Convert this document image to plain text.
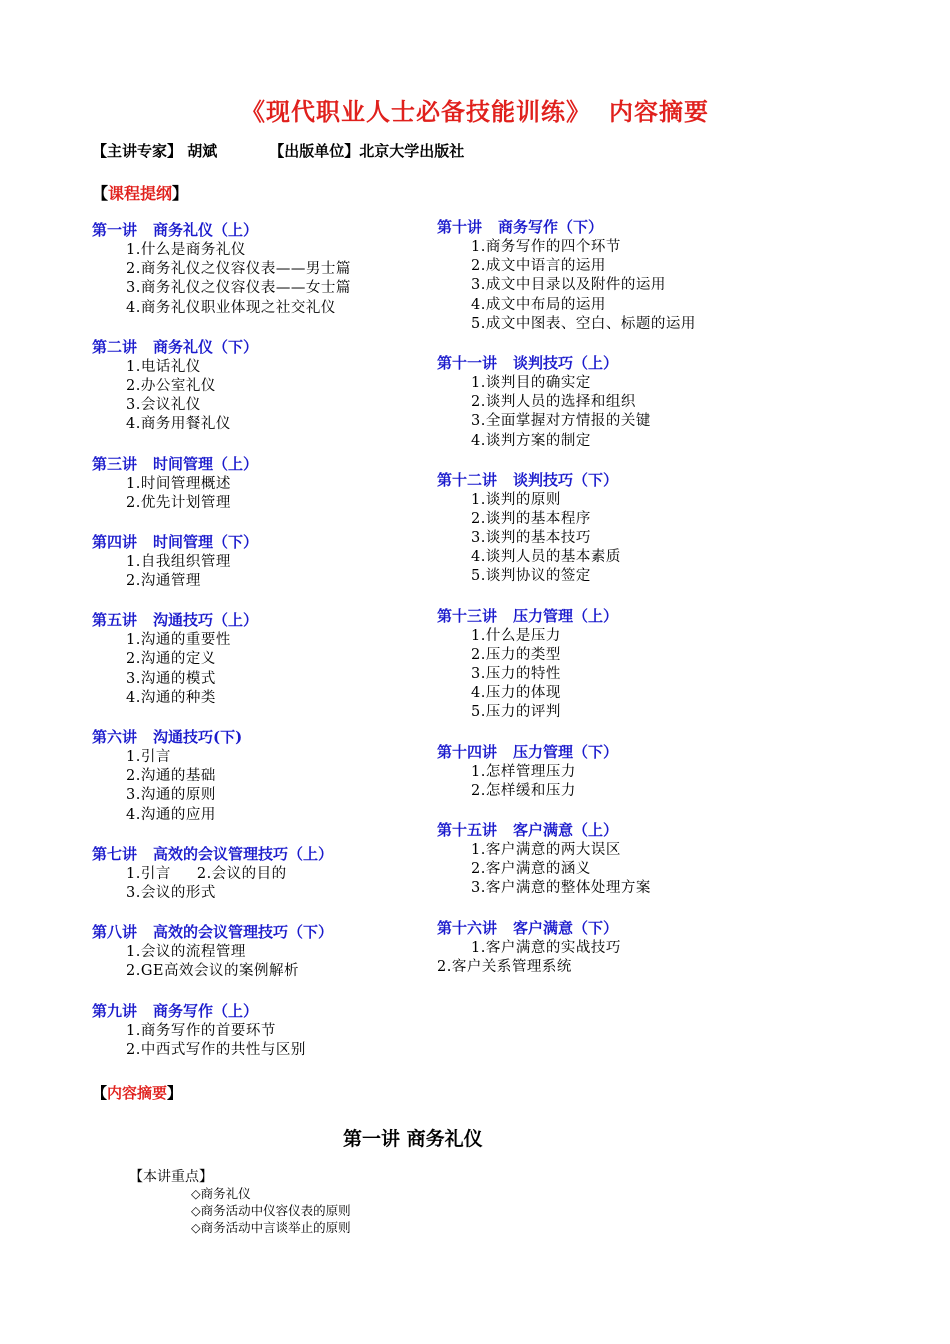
《现代职业人士必备技能训练》 内容摘要
【主讲专家】 胡斌	【出版单位】北京大学出版社
【课程提纲】
第一讲 商务礼仪（上）
1.什么是商务礼仪
2.商务礼仪之仪容仪表——男士篇
3.商务礼仪之仪容仪表——女士篇
4.商务礼仪职业体现之社交礼仪
第二讲 商务礼仪（下）
1.电话礼仪
2.办公室礼仪
3.会议礼仪
4.商务用餐礼仪
第三讲 时间管理（上）
1.时间管理概述
2.优先计划管理
第四讲 时间管理（下）
1.自我组织管理
2.沟通管理
第五讲 沟通技巧（上）
1.沟通的重要性
2.沟通的定义
3.沟通的模式
4.沟通的种类
第六讲 沟通技巧(下)
1.引言
2.沟通的基础
3.沟通的原则
4.沟通的应用
第七讲 高效的会议管理技巧（上）
1.引言 2.会议的目的
3.会议的形式
第八讲 高效的会议管理技巧（下）
1.会议的流程管理
2.GE高效会议的案例解析
第九讲 商务写作（上）
1.商务写作的首要环节
2.中西式写作的共性与区别
第十讲 商务写作（下）
1.商务写作的四个环节
2.成文中语言的运用
3.成文中目录以及附件的运用
4.成文中布局的运用
5.成文中图表、空白、标题的运用
第十一讲 谈判技巧（上）
1.谈判目的确实定
2.谈判人员的选择和组织
3.全面掌握对方情报的关键
4.谈判方案的制定
第十二讲 谈判技巧（下）
1.谈判的原则
2.谈判的基本程序
3.谈判的基本技巧
4.谈判人员的基本素质
5.谈判协议的签定
第十三讲 压力管理（上）
1.什么是压力
2.压力的类型
3.压力的特性
4.压力的体现
5.压力的评判
第十四讲 压力管理（下）
1.怎样管理压力
2.怎样缓和压力
第十五讲 客户满意（上）
1.客户满意的两大误区
2.客户满意的涵义
3.客户满意的整体处理方案
第十六讲 客户满意（下）
1.客户满意的实战技巧
2.客户关系管理系统
【内容摘要】
第一讲 商务礼仪
【本讲重点】
◇商务礼仪
◇商务活动中仪容仪表的原则
◇商务活动中言谈举止的原则
